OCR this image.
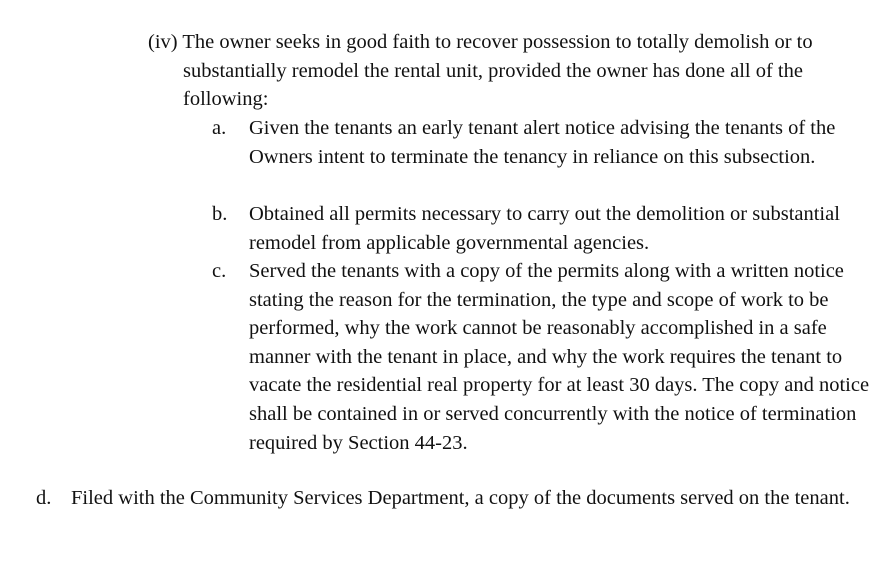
(iv) The owner seeks in good faith to recover possession to totally demolish or to substantially remodel the rental unit, provided the owner has done all of the following:

a.	Given the tenants an early tenant alert notice advising the tenants of the Owners intent to terminate the tenancy in reliance on this subsection.

b.	Obtained all permits necessary to carry out the demolition or substantial remodel from applicable governmental agencies.

c.	Served the tenants with a copy of the permits along with a written notice stating the reason for the termination, the type and scope of work to be performed, why the work cannot be reasonably accomplished in a safe manner with the tenant in place, and why the work requires the tenant to vacate the residential real property for at least 30 days. The copy and notice shall be contained in or served concurrently with the notice of termination required by Section 44-23.

d. Filed with the Community Services Department, a copy of the documents served on the tenant.
